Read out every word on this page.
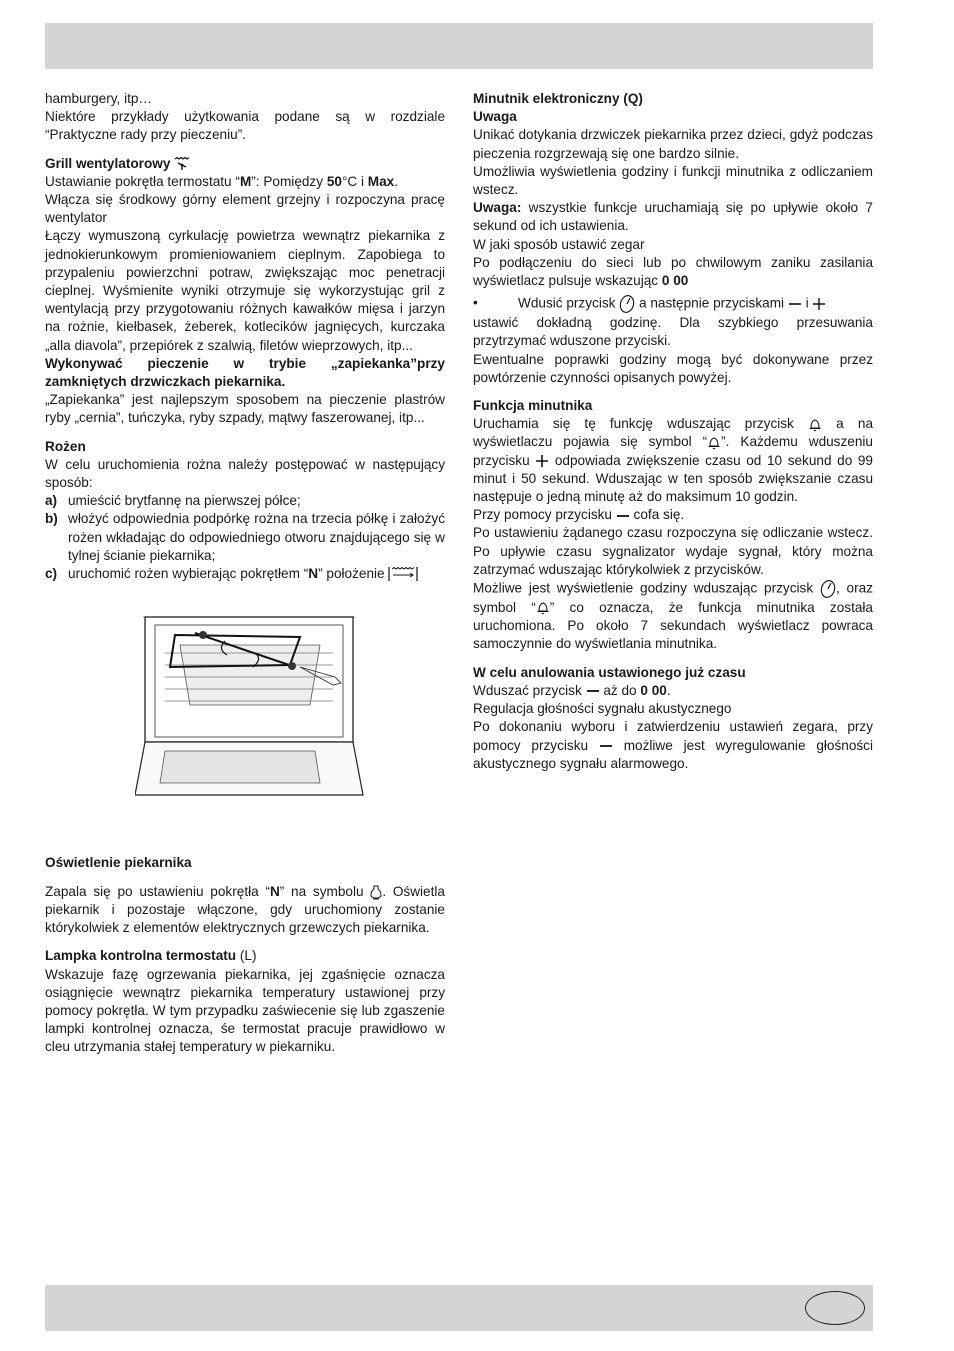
hamburgery, itp…

Niektóre przykłady użytkowania podane są w rozdziale “Praktyczne rady przy pieczeniu”.

Grill wentylatorowy

Ustawianie pokrętła termostatu “M”: Pomiędzy 50°C i Max.

Włącza się środkowy górny element grzejny i rozpoczyna pracę wentylator

Łączy wymuszoną cyrkulację powietrza wewnątrz piekarnika z jednokierunkowym promieniowaniem cieplnym. Zapobiega to przypaleniu powierzchni potraw, zwiększając moc penetracji cieplnej. Wyśmienite wyniki otrzymuje się wykorzystując gril z wentylacją przy przygotowaniu różnych kawałków mięsa i jarzyn na rożnie, kiełbasek, żeberek, kotlecików jagnięcych, kurczaka „alla diavola”, przepiórek z szalwią, filetów wieprzowych, itp...

Wykonywać pieczenie w trybie „zapiekanka”przy zamkniętych drzwiczkach piekarnika.

„Zapiekanka” jest najlepszym sposobem na pieczenie plastrów ryby „cernia”, tuńczyka, ryby szpady, mątwy faszerowanej, itp...

Rożen

W celu uruchomienia rożna należy postępować w następujący sposób:

a) umieścić brytfannę na pierwszej półce;
b) włożyć odpowiednia podpórkę rożna na trzecia półkę i założyć rożen wkładając do odpowiedniego otworu znajdującego się w tylnej ścianie piekarnika;
c) uruchomić rożen wybierając pokrętłem “N” położenie

Oświetlenie piekarnika

Zapala się po ustawieniu pokrętła “N” na symbolu . Oświetla piekarnik i pozostaje włączone, gdy uruchomiony zostanie którykolwiek z elementów elektrycznych grzewczych piekarnika.

Lampka kontrolna termostatu (L)

Wskazuje fazę ogrzewania piekarnika, jej zgaśnięcie oznacza osiągnięcie wewnątrz piekarnika temperatury ustawionej przy pomocy pokrętła. W tym przypadku zaświecenie się lub zgaszenie lampki kontrolnej oznacza, śe termostat pracuje prawidłowo w cleu utrzymania stałej temperatury w piekarniku.

Minutnik elektroniczny (Q)

Uwaga

Unikać dotykania drzwiczek piekarnika przez dzieci, gdyż podczas pieczenia rozgrzewają się one bardzo silnie.

Umożliwia wyświetlenia godziny i funkcji minutnika z odliczaniem wstecz.

Uwaga: wszystkie funkcje uruchamiają się po upływie około 7 sekund od ich ustawienia.

W jaki sposób ustawić zegar

Po podłączeniu do sieci lub po chwilowym zaniku zasilania wyświetlacz pulsuje wskazując 0 00

•	Wdusić przycisk  a następnie przyciskami  i

ustawić dokładną godzinę. Dla szybkiego przesuwania przytrzymać wduszone przyciski.

Ewentualne poprawki godziny mogą być dokonywane przez powtórzenie czynności opisanych powyżej.

Funkcja minutnika

Uruchamia się tę funkcję wduszając przycisk  a na wyświetlaczu pojawia się symbol “ ”. Każdemu wduszeniu przycisku  odpowiada zwiększenie czasu od 10 sekund do 99 minut i 50 sekund. Wduszając w ten sposób zwiększanie czasu następuje o jedną minutę aż do maksimum 10 godzin.

Przy pomocy przycisku  cofa się.

Po ustawieniu żądanego czasu rozpoczyna się odliczanie wstecz. Po upływie czasu sygnalizator wydaje sygnał, który można zatrzymać wduszając którykolwiek z przycisków.

Możliwe jest wyświetlenie godziny wduszając przycisk , oraz symbol “ ” co oznacza, że funkcja minutnika została uruchomiona. Po około 7 sekundach wyświetlacz powraca samoczynnie do wyświetlania minutnika.

W celu anulowania ustawionego już czasu

Wduszać przycisk  aż do 0 00.

Regulacja głośności sygnału akustycznego

Po dokonaniu wyboru i zatwierdzeniu ustawień zegara, przy pomocy przycisku  możliwe jest wyregulowanie głośności akustycznego sygnału alarmowego.
